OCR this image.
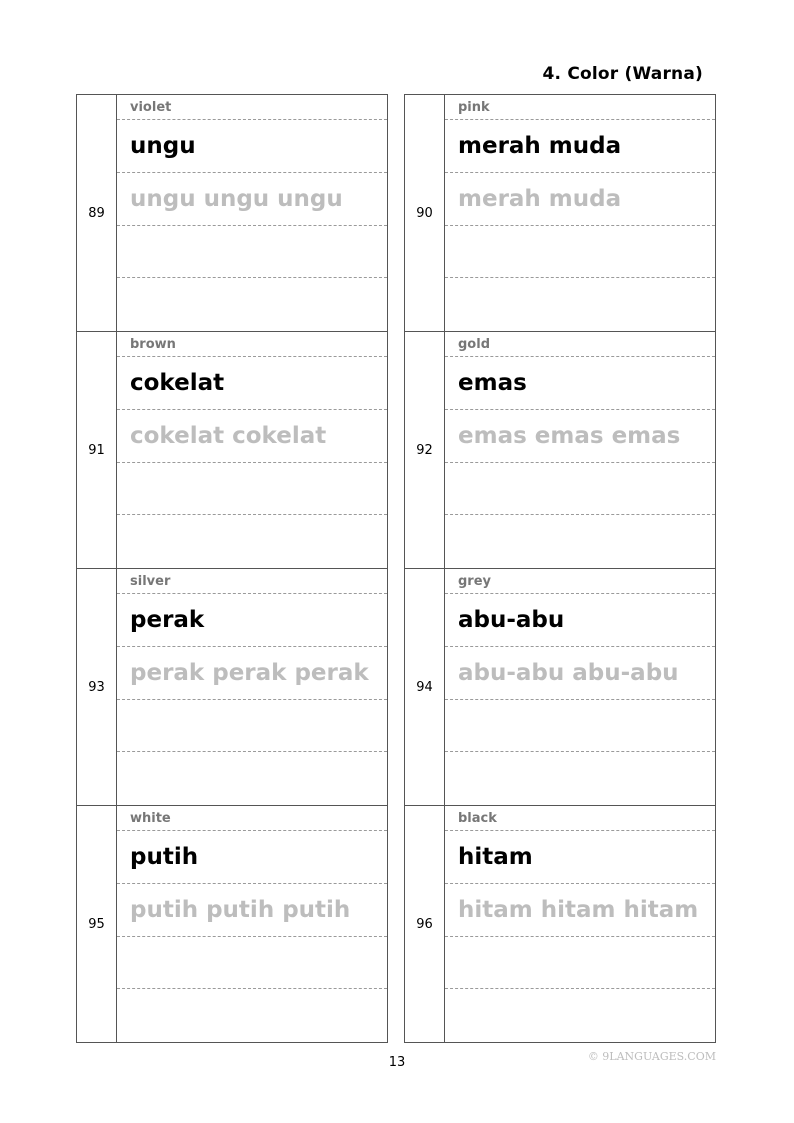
4. Color (Warna)
89
violet
ungu
ungu ungu ungu
90
pink
merah muda
merah muda
91
brown
cokelat
cokelat cokelat
92
gold
emas
emas emas emas
93
silver
perak
perak perak perak
94
grey
abu-abu
abu-abu abu-abu
95
white
putih
putih putih putih
96
black
hitam
hitam hitam hitam
13	© 9LANGUAGES.COM
